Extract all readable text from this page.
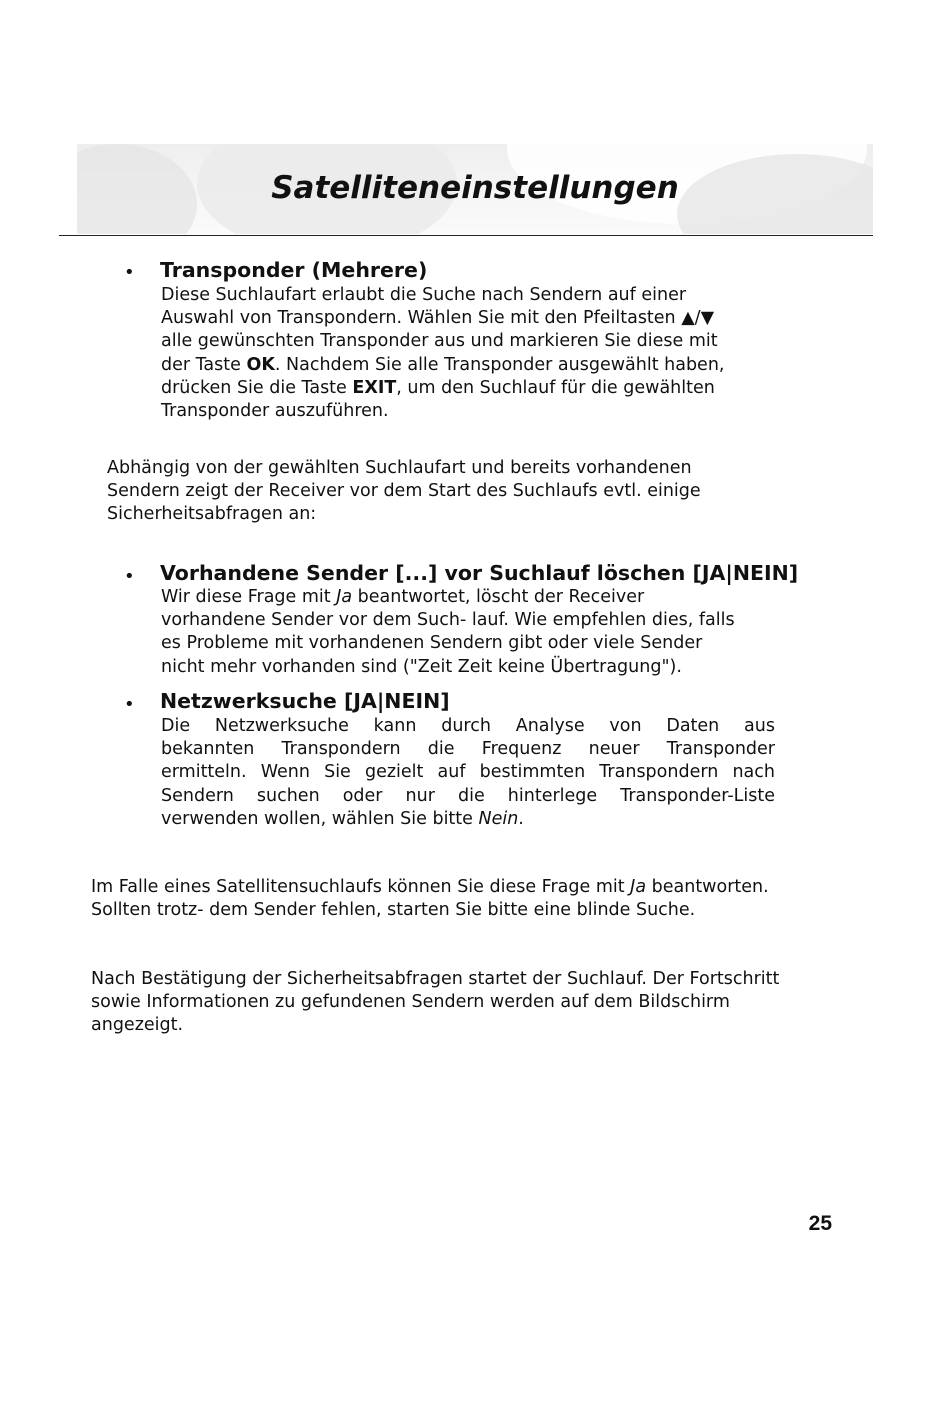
Satelliteneinstellungen
• Transponder (Mehrere)
Diese Suchlaufart erlaubt die Suche nach Sendern auf einer
Auswahl von Transpondern. Wählen Sie mit den Pfeiltasten ▲/▼
alle gewünschten Transponder aus und markieren Sie diese mit
der Taste OK. Nachdem Sie alle Transponder ausgewählt haben,
drücken Sie die Taste EXIT, um den Suchlauf für die gewählten
Transponder auszuführen.
Abhängig von der gewählten Suchlaufart und bereits vorhandenen
Sendern zeigt der Receiver vor dem Start des Suchlaufs evtl. einige
Sicherheitsabfragen an:
• Vorhandene Sender [...] vor Suchlauf löschen [JA|NEIN]
Wir diese Frage mit Ja beantwortet, löscht der Receiver
vorhandene Sender vor dem Such- lauf. Wie empfehlen dies, falls
es Probleme mit vorhandenen Sendern gibt oder viele Sender
nicht mehr vorhanden sind ("Zeit Zeit keine Übertragung").
• Netzwerksuche [JA|NEIN]
Die Netzwerksuche kann durch Analyse von Daten aus
bekannten Transpondern die Frequenz neuer Transponder
ermitteln. Wenn Sie gezielt auf bestimmten Transpondern nach
Sendern suchen oder nur die hinterlege Transponder-Liste
verwenden wollen, wählen Sie bitte Nein.
Im Falle eines Satellitensuchlaufs können Sie diese Frage mit Ja beantworten.
Sollten trotz- dem Sender fehlen, starten Sie bitte eine blinde Suche.
Nach Bestätigung der Sicherheitsabfragen startet der Suchlauf. Der Fortschritt
sowie Informationen zu gefundenen Sendern werden auf dem Bildschirm
angezeigt.
25
